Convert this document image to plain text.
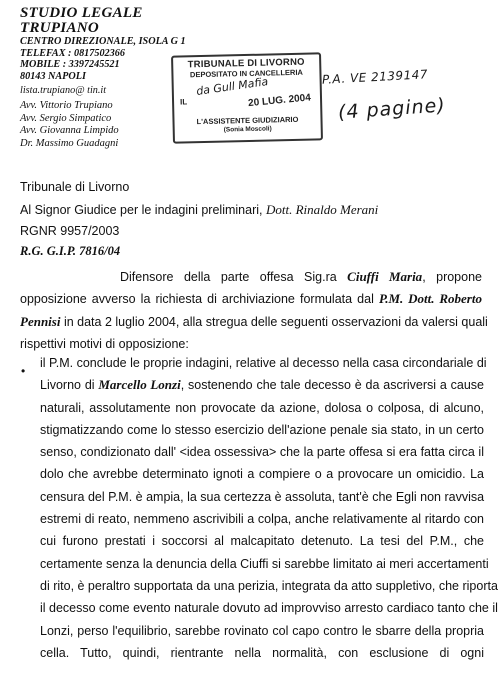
STUDIO LEGALE TRUPIANO
CENTRO DIREZIONALE, ISOLA G 1
TELEFAX : 0817502366
MOBILE : 3397245521
80143 NAPOLI
lista.trupiano@ tin.it
Avv. Vittorio Trupiano
Avv. Sergio Simpatico
Avv. Giovanna Limpido
Dr. Massimo Guadagni
TRIBUNALE DI LIVORNO
DEPOSITATO IN CANCELLERIA
IL	20 LUG. 2004
L'ASSISTENTE GIUDIZIARIO
(Sonia Moscoli)
da Gull Mafia	P.A. VE 2139147
(4 pagine)
Tribunale di Livorno
Al Signor Giudice per le indagini preliminari, Dott. Rinaldo Merani
RGNR 9957/2003
R.G. G.I.P. 7816/04
Difensore della parte offesa Sig.ra Ciuffi Maria, propone
opposizione avverso la richiesta di archiviazione formulata dal P.M. Dott. Roberto
Pennisi in data 2 luglio 2004, alla stregua delle seguenti osservazioni da valersi quali
rispettivi motivi di opposizione:
•
il P.M. conclude le proprie indagini, relative al decesso nella casa circondariale di
Livorno di Marcello Lonzi, sostenendo che tale decesso è da ascriversi a cause
naturali, assolutamente non provocate da azione, dolosa o colposa, di alcuno,
stigmatizzando come lo stesso esercizio dell'azione penale sia stato, in un certo
senso, condizionato dall' <idea ossessiva> che la parte offesa si era fatta circa il
dolo che avrebbe determinato ignoti a compiere o a provocare un omicidio. La
censura del P.M. è ampia, la sua certezza è assoluta, tant'è che Egli non ravvisa
estremi di reato, nemmeno ascrivibili a colpa, anche relativamente al ritardo con
cui furono prestati i soccorsi al malcapitato detenuto. La tesi del P.M., che
certamente senza la denuncia della Ciuffi si sarebbe limitato ai meri accertamenti
di rito, è peraltro supportata da una perizia, integrata da atto suppletivo, che riporta
il decesso come evento naturale dovuto ad improvviso arresto cardiaco tanto che il
Lonzi, perso l'equilibrio, sarebbe rovinato col capo contro le sbarre della propria
cella. Tutto, quindi, rientrante nella normalità, con esclusione di ogni
